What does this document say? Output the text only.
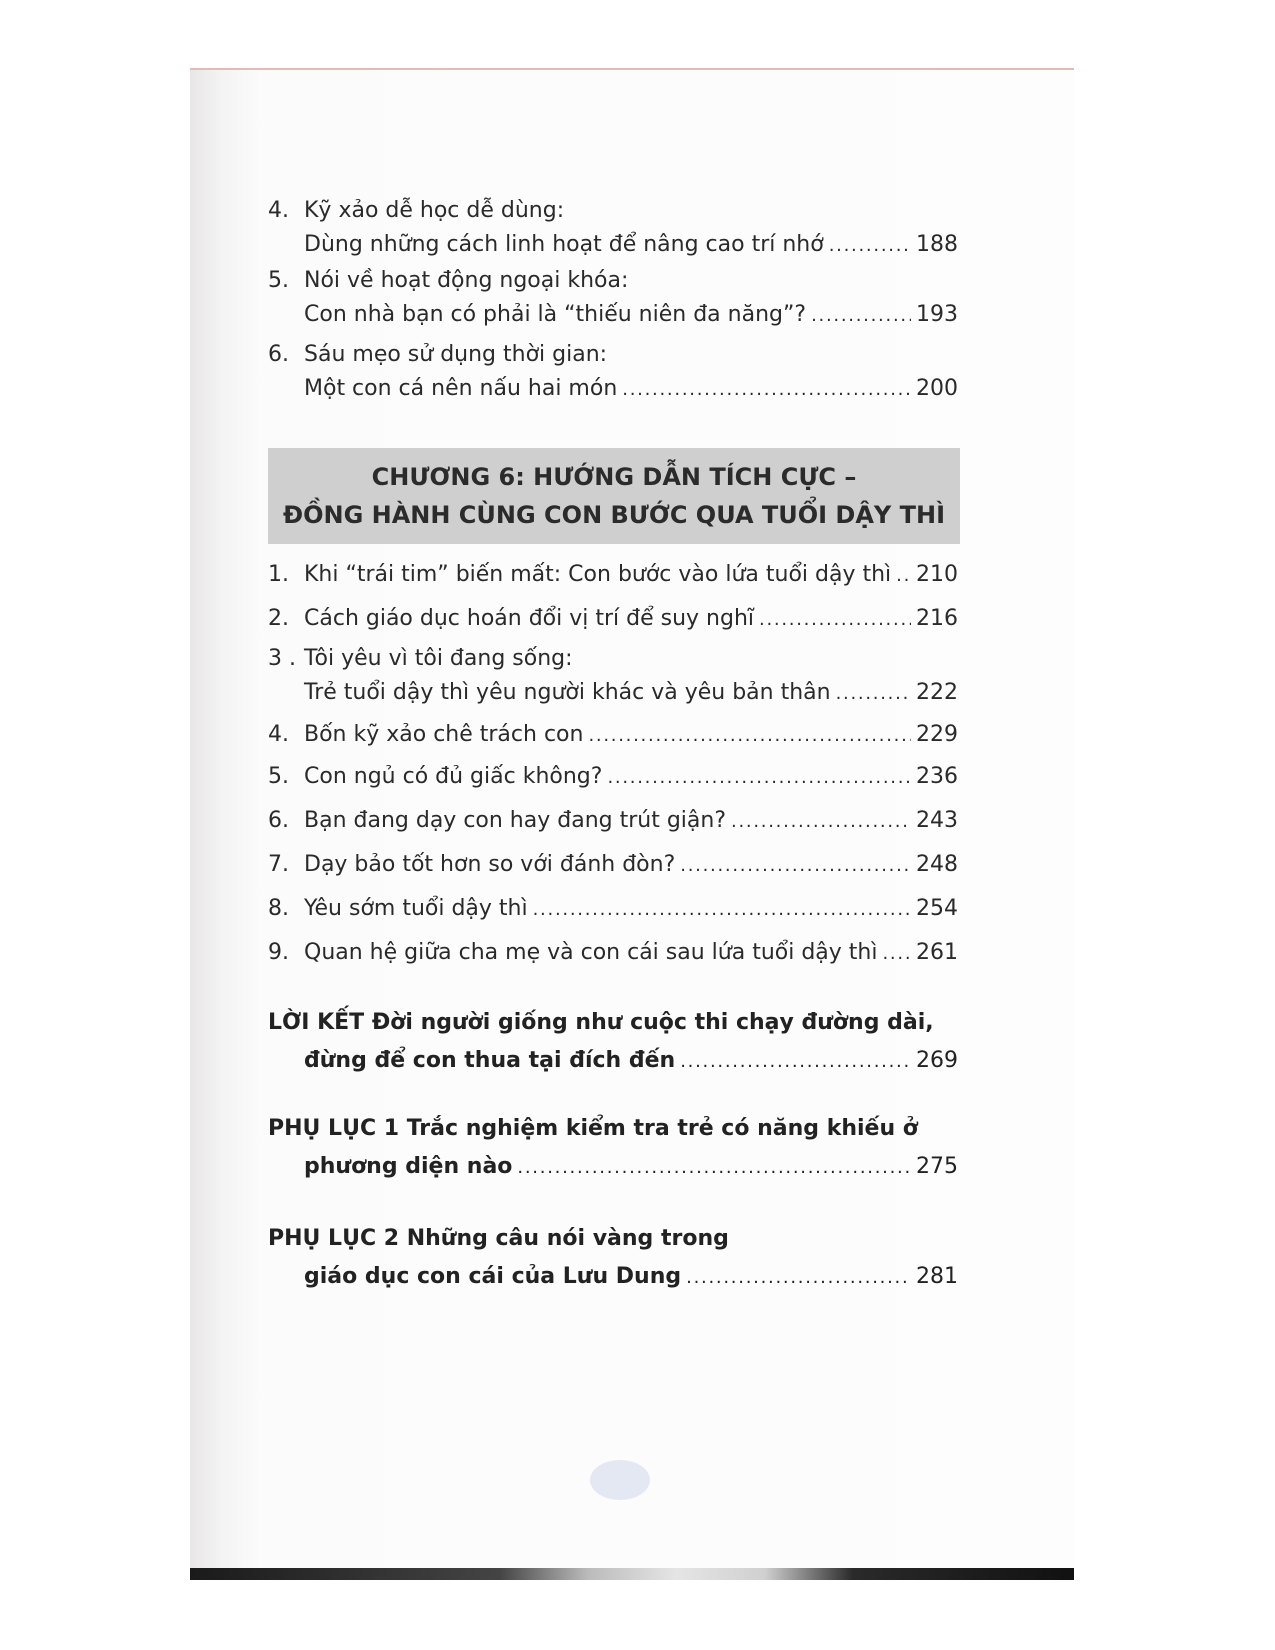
4. Kỹ xảo dễ học dễ dùng:
Dùng những cách linh hoạt để nâng cao trí nhớ . . .	188
5. Nói về hoạt động ngoại khóa:
Con nhà bạn có phải là “thiếu niên đa năng”? . . .	193
6. Sáu mẹo sử dụng thời gian:
Một con cá nên nấu hai món . . .	200
CHƯƠNG 6: HƯỚNG DẪN TÍCH CỰC –
ĐỒNG HÀNH CÙNG CON BƯỚC QUA TUỔI DẬY THÌ
1. Khi “trái tim” biến mất: Con bước vào lứa tuổi dậy thì . . . 210
2. Cách giáo dục hoán đổi vị trí để suy nghĩ . . .	216
3 . Tôi yêu vì tôi đang sống:
Trẻ tuổi dậy thì yêu người khác và yêu bản thân . . .	222
4. Bốn kỹ xảo chê trách con . . .	229
5. Con ngủ có đủ giấc không? . . .	236
6. Bạn đang dạy con hay đang trút giận? . . .	243
7. Dạy bảo tốt hơn so với đánh đòn? . . .	248
8. Yêu sớm tuổi dậy thì . . .	254
9. Quan hệ giữa cha mẹ và con cái sau lứa tuổi dậy thì . . . 261
LỜI KẾT Đời người giống như cuộc thi chạy đường dài,
đừng để con thua tại đích đến . . .	269
PHỤ LỤC 1 Trắc nghiệm kiểm tra trẻ có năng khiếu ở
phương diện nào . . .	275
PHỤ LỤC 2 Những câu nói vàng trong
giáo dục con cái của Lưu Dung . . .	281
